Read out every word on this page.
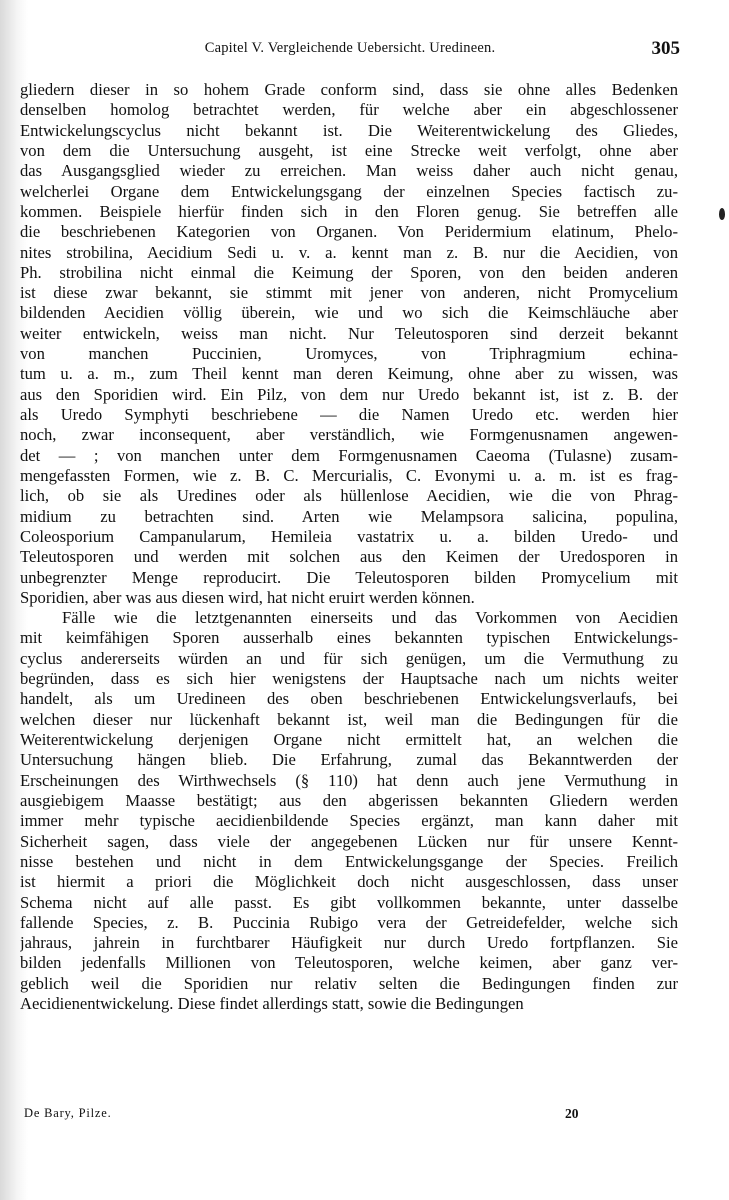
Capitel V. Vergleichende Uebersicht. Uredineen.	305
gliedern dieser in so hohem Grade conform sind, dass sie ohne alles Bedenken
denselben homolog betrachtet werden, für welche aber ein abgeschlossener
Entwickelungscyclus nicht bekannt ist. Die Weiterentwickelung des Gliedes,
von dem die Untersuchung ausgeht, ist eine Strecke weit verfolgt, ohne aber
das Ausgangsglied wieder zu erreichen. Man weiss daher auch nicht genau,
welcherlei Organe dem Entwickelungsgang der einzelnen Species factisch zu-
kommen. Beispiele hierfür finden sich in den Floren genug. Sie betreffen alle
die beschriebenen Kategorien von Organen. Von Peridermium elatinum, Phelo-
nites strobilina, Aecidium Sedi u. v. a. kennt man z. B. nur die Aecidien, von
Ph. strobilina nicht einmal die Keimung der Sporen, von den beiden anderen
ist diese zwar bekannt, sie stimmt mit jener von anderen, nicht Promycelium
bildenden Aecidien völlig überein, wie und wo sich die Keimschläuche aber
weiter entwickeln, weiss man nicht. Nur Teleutosporen sind derzeit bekannt
von manchen Puccinien, Uromyces, von Triphragmium echina-
tum u. a. m., zum Theil kennt man deren Keimung, ohne aber zu wissen, was
aus den Sporidien wird. Ein Pilz, von dem nur Uredo bekannt ist, ist z. B. der
als Uredo Symphyti beschriebene — die Namen Uredo etc. werden hier
noch, zwar inconsequent, aber verständlich, wie Formgenusnamen angewen-
det — ; von manchen unter dem Formgenusnamen Caeoma (Tulasne) zusam-
mengefassten Formen, wie z. B. C. Mercurialis, C. Evonymi u. a. m. ist es frag-
lich, ob sie als Uredines oder als hüllenlose Aecidien, wie die von Phrag-
midium zu betrachten sind. Arten wie Melampsora salicina, populina,
Coleosporium Campanularum, Hemileia vastatrix u. a. bilden Uredo- und
Teleutosporen und werden mit solchen aus den Keimen der Uredosporen in
unbegrenzter Menge reproducirt. Die Teleutosporen bilden Promycelium mit
Sporidien, aber was aus diesen wird, hat nicht eruirt werden können.
Fälle wie die letztgenannten einerseits und das Vorkommen von Aecidien
mit keimfähigen Sporen ausserhalb eines bekannten typischen Entwickelungs-
cyclus andererseits würden an und für sich genügen, um die Vermuthung zu
begründen, dass es sich hier wenigstens der Hauptsache nach um nichts weiter
handelt, als um Uredineen des oben beschriebenen Entwickelungsverlaufs, bei
welchen dieser nur lückenhaft bekannt ist, weil man die Bedingungen für die
Weiterentwickelung derjenigen Organe nicht ermittelt hat, an welchen die
Untersuchung hängen blieb. Die Erfahrung, zumal das Bekanntwerden der
Erscheinungen des Wirthwechsels (§ 110) hat denn auch jene Vermuthung in
ausgiebigem Maasse bestätigt; aus den abgerissen bekannten Gliedern werden
immer mehr typische aecidienbildende Species ergänzt, man kann daher mit
Sicherheit sagen, dass viele der angegebenen Lücken nur für unsere Kennt-
nisse bestehen und nicht in dem Entwickelungsgange der Species. Freilich
ist hiermit a priori die Möglichkeit doch nicht ausgeschlossen, dass unser
Schema nicht auf alle passt. Es gibt vollkommen bekannte, unter dasselbe
fallende Species, z. B. Puccinia Rubigo vera der Getreidefelder, welche sich
jahraus, jahrein in furchtbarer Häufigkeit nur durch Uredo fortpflanzen. Sie
bilden jedenfalls Millionen von Teleutosporen, welche keimen, aber ganz ver-
geblich weil die Sporidien nur relativ selten die Bedingungen finden zur
Aecidienentwickelung. Diese findet allerdings statt, sowie die Bedingungen
De Bary, Pilze.	20
